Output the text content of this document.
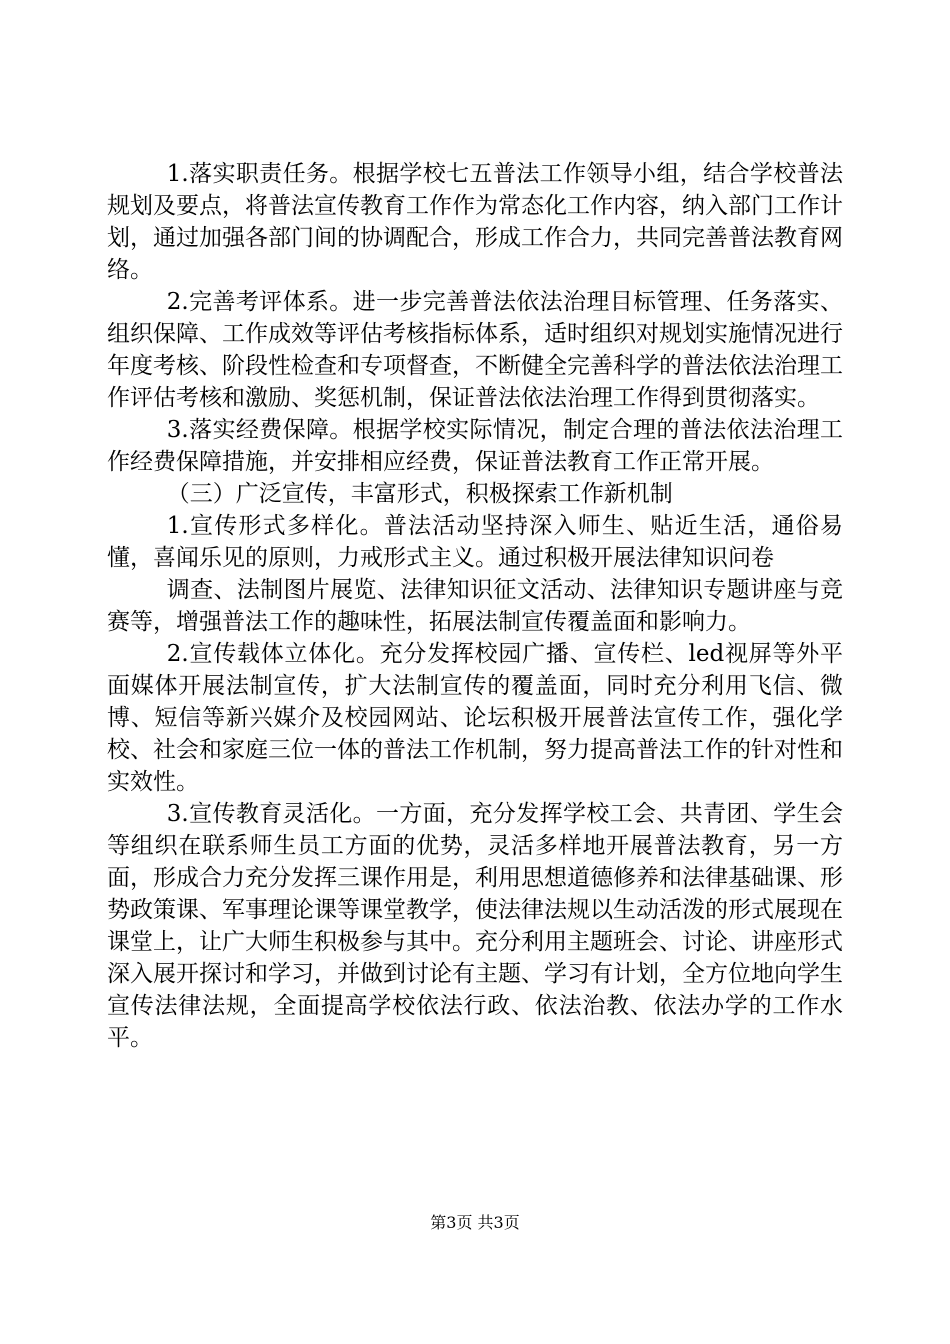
1.落实职责任务。根据学校七五普法工作领导小组，结合学校普法规划及要点，将普法宣传教育工作作为常态化工作内容，纳入部门工作计划，通过加强各部门间的协调配合，形成工作合力，共同完善普法教育网络。

2.完善考评体系。进一步完善普法依法治理目标管理、任务落实、组织保障、工作成效等评估考核指标体系，适时组织对规划实施情况进行年度考核、阶段性检查和专项督查，不断健全完善科学的普法依法治理工作评估考核和激励、奖惩机制，保证普法依法治理工作得到贯彻落实。

3.落实经费保障。根据学校实际情况，制定合理的普法依法治理工作经费保障措施，并安排相应经费，保证普法教育工作正常开展。

（三）广泛宣传，丰富形式，积极探索工作新机制

1.宣传形式多样化。普法活动坚持深入师生、贴近生活，通俗易懂，喜闻乐见的原则，力戒形式主义。通过积极开展法律知识问卷

调查、法制图片展览、法律知识征文活动、法律知识专题讲座与竞赛等，增强普法工作的趣味性，拓展法制宣传覆盖面和影响力。

2.宣传载体立体化。充分发挥校园广播、宣传栏、led视屏等外平面媒体开展法制宣传，扩大法制宣传的覆盖面，同时充分利用飞信、微博、短信等新兴媒介及校园网站、论坛积极开展普法宣传工作，强化学校、社会和家庭三位一体的普法工作机制，努力提高普法工作的针对性和实效性。

3.宣传教育灵活化。一方面，充分发挥学校工会、共青团、学生会等组织在联系师生员工方面的优势，灵活多样地开展普法教育，另一方面，形成合力充分发挥三课作用是，利用思想道德修养和法律基础课、形势政策课、军事理论课等课堂教学，使法律法规以生动活泼的形式展现在课堂上，让广大师生积极参与其中。充分利用主题班会、讨论、讲座形式深入展开探讨和学习，并做到讨论有主题、学习有计划，全方位地向学生宣传法律法规，全面提高学校依法行政、依法治教、依法办学的工作水平。

第3页 共3页
